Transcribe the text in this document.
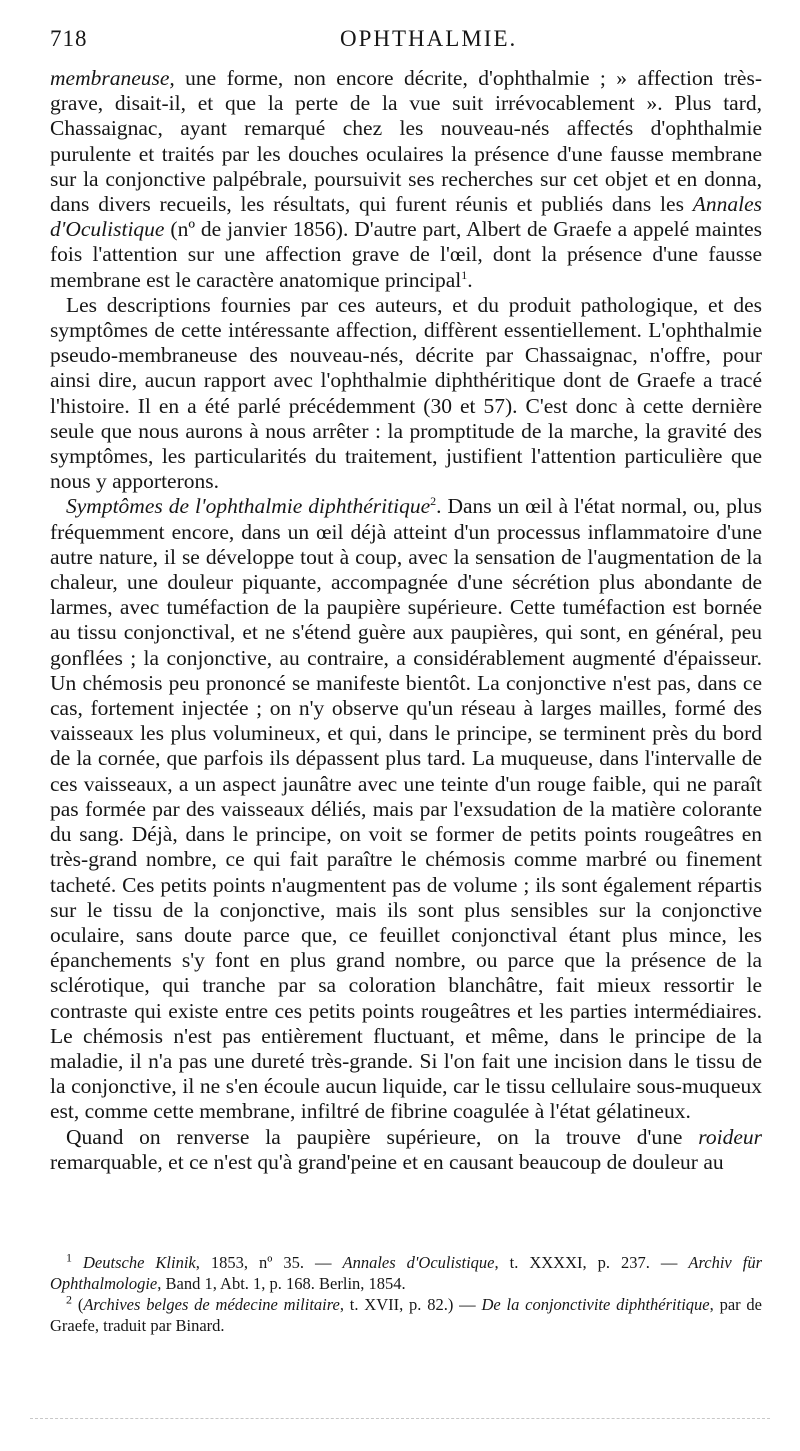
718	OPHTHALMIE.

membraneuse, une forme, non encore décrite, d'ophthalmie ; » affection très-grave, disait-il, et que la perte de la vue suit irrévocablement ». Plus tard, Chassaignac, ayant remarqué chez les nouveau-nés affectés d'ophthalmie purulente et traités par les douches oculaires la présence d'une fausse membrane sur la conjonctive palpébrale, poursuivit ses recherches sur cet objet et en donna, dans divers recueils, les résultats, qui furent réunis et publiés dans les Annales d'Oculistique (nº de janvier 1856). D'autre part, Albert de Graefe a appelé maintes fois l'attention sur une affection grave de l'œil, dont la présence d'une fausse membrane est le caractère anatomique principal$^1$.

Les descriptions fournies par ces auteurs, et du produit pathologique, et des symptômes de cette intéressante affection, diffèrent essentiellement. L'ophthalmie pseudo-membraneuse des nouveau-nés, décrite par Chassaignac, n'offre, pour ainsi dire, aucun rapport avec l'ophthalmie diphthéritique dont de Graefe a tracé l'histoire. Il en a été parlé précédemment (30 et 57). C'est donc à cette dernière seule que nous aurons à nous arrêter : la promptitude de la marche, la gravité des symptômes, les particularités du traitement, justifient l'attention particulière que nous y apporterons.

Symptômes de l'ophthalmie diphthéritique$^2$. Dans un œil à l'état normal, ou, plus fréquemment encore, dans un œil déjà atteint d'un processus inflammatoire d'une autre nature, il se développe tout à coup, avec la sensation de l'augmentation de la chaleur, une douleur piquante, accompagnée d'une sécrétion plus abondante de larmes, avec tuméfaction de la paupière supérieure. Cette tuméfaction est bornée au tissu conjonctival, et ne s'étend guère aux paupières, qui sont, en général, peu gonflées ; la conjonctive, au contraire, a considérablement augmenté d'épaisseur. Un chémosis peu prononcé se manifeste bientôt. La conjonctive n'est pas, dans ce cas, fortement injectée ; on n'y observe qu'un réseau à larges mailles, formé des vaisseaux les plus volumineux, et qui, dans le principe, se terminent près du bord de la cornée, que parfois ils dépassent plus tard. La muqueuse, dans l'intervalle de ces vaisseaux, a un aspect jaunâtre avec une teinte d'un rouge faible, qui ne paraît pas formée par des vaisseaux déliés, mais par l'exsudation de la matière colorante du sang. Déjà, dans le principe, on voit se former de petits points rougeâtres en très-grand nombre, ce qui fait paraître le chémosis comme marbré ou finement tacheté. Ces petits points n'augmentent pas de volume ; ils sont également répartis sur le tissu de la conjonctive, mais ils sont plus sensibles sur la conjonctive oculaire, sans doute parce que, ce feuillet conjonctival étant plus mince, les épanchements s'y font en plus grand nombre, ou parce que la présence de la sclérotique, qui tranche par sa coloration blanchâtre, fait mieux ressortir le contraste qui existe entre ces petits points rougeâtres et les parties intermédiaires. Le chémosis n'est pas entièrement fluctuant, et même, dans le principe de la maladie, il n'a pas une dureté très-grande. Si l'on fait une incision dans le tissu de la conjonctive, il ne s'en écoule aucun liquide, car le tissu cellulaire sous-muqueux est, comme cette membrane, infiltré de fibrine coagulée à l'état gélatineux.

Quand on renverse la paupière supérieure, on la trouve d'une roideur remarquable, et ce n'est qu'à grand'peine et en causant beaucoup de douleur au

$^1$ Deutsche Klinik, 1853, nº 35. — Annales d'Oculistique, t. XXXXI, p. 237. — Archiv für Ophthalmologie, Band 1, Abt. 1, p. 168. Berlin, 1854.

$^2$ (Archives belges de médecine militaire, t. XVII, p. 82.) — De la conjonctivite diphthéritique, par de Graefe, traduit par Binard.
